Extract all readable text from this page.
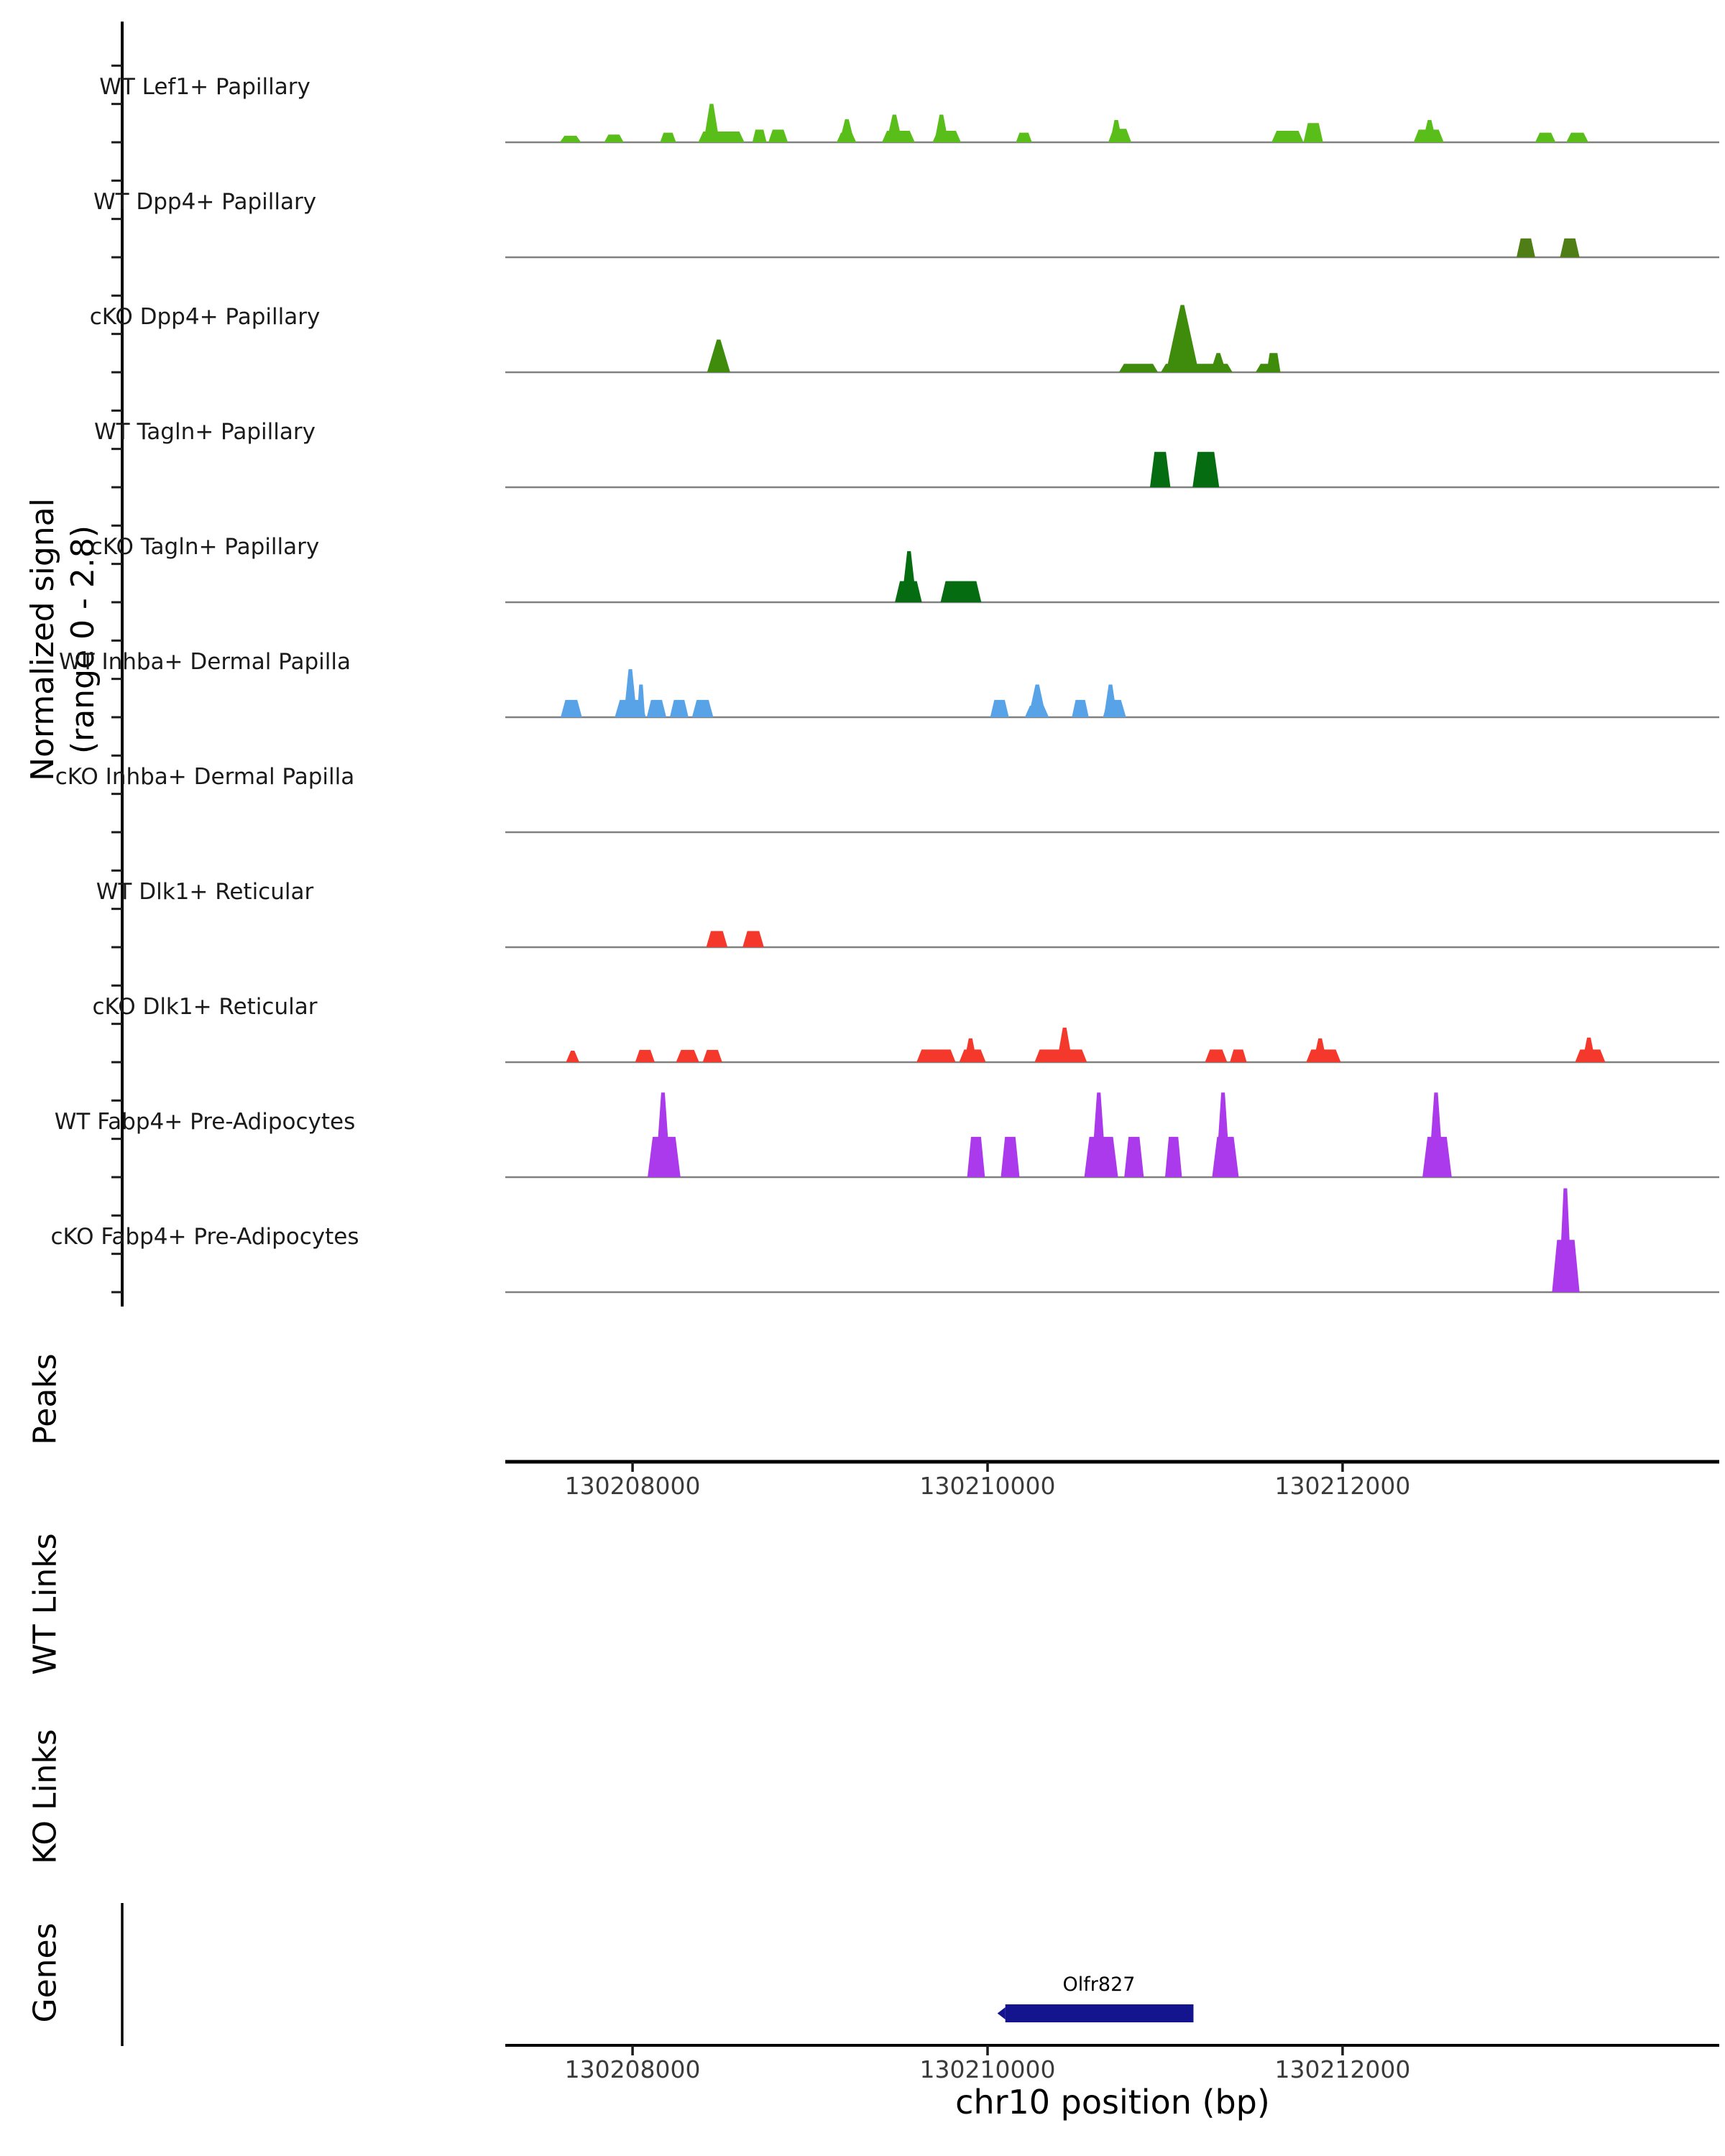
Normalized signal (range 0 - 2.8)
Peaks
WT Links
KO Links
Genes	Olfr827
chr10 position (bp)
WT Lef1+ Papillary
WT Dpp4+ Papillary
cKO Dpp4+ Papillary
WT Tagln+ Papillary
cKO Tagln+ Papillary
WT Inhba+ Dermal Papilla
cKO Inhba+ Dermal Papilla
WT Dlk1+ Reticular
cKO Dlk1+ Reticular
WT Fabp4+ Pre-Adipocytes
cKO Fabp4+ Pre-Adipocytes
130208000	130210000	130212000
130208000	130210000	130212000
